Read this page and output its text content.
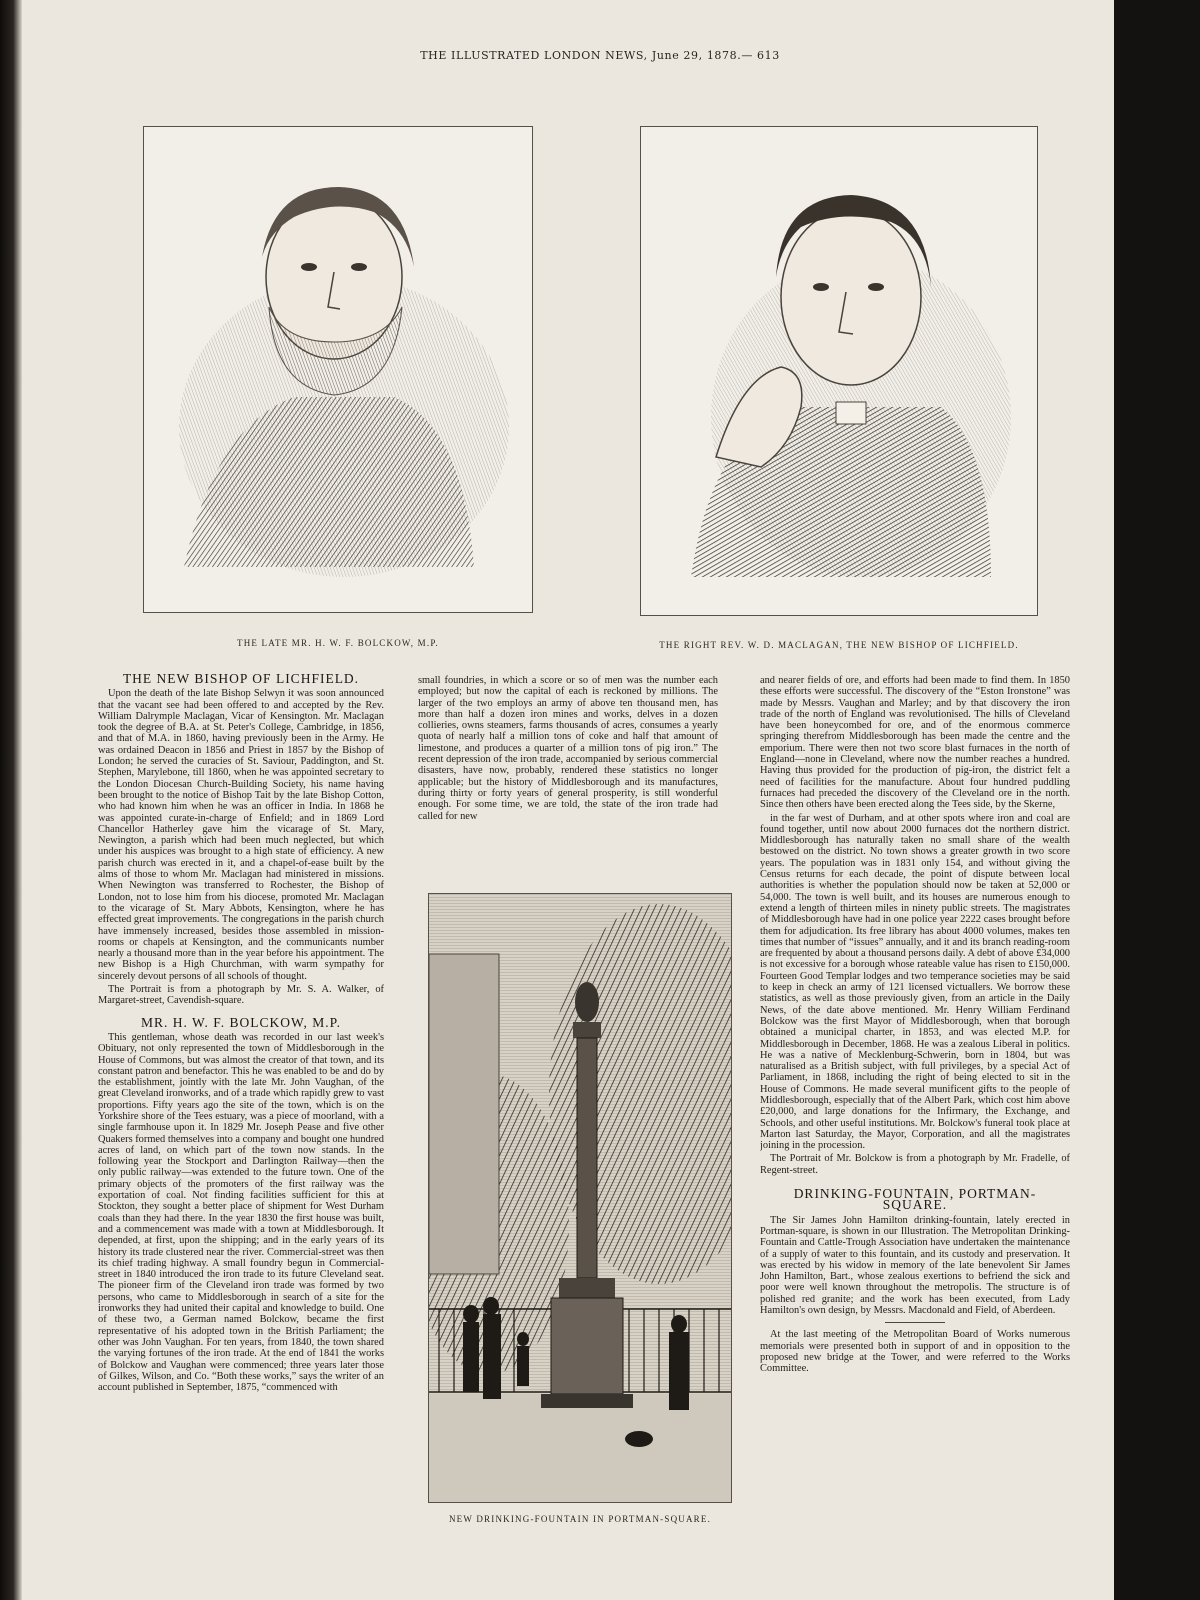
THE ILLUSTRATED LONDON NEWS, June 29, 1878.— 613
THE LATE MR. H. W. F. BOLCKOW, M.P.	THE RIGHT REV. W. D. MACLAGAN, THE NEW BISHOP OF LICHFIELD.
THE NEW BISHOP OF LICHFIELD.

Upon the death of the late Bishop Selwyn it was soon announced that the vacant see had been offered to and accepted by the Rev. William Dalrymple Maclagan, Vicar of Kensington. Mr. Maclagan took the degree of B.A. at St. Peter's College, Cambridge, in 1856, and that of M.A. in 1860, having previously been in the Army. He was ordained Deacon in 1856 and Priest in 1857 by the Bishop of London; he served the curacies of St. Saviour, Paddington, and St. Stephen, Marylebone, till 1860, when he was appointed secretary to the London Diocesan Church-Building Society, his name having been brought to the notice of Bishop Tait by the late Bishop Cotton, who had known him when he was an officer in India. In 1868 he was appointed curate-in-charge of Enfield; and in 1869 Lord Chancellor Hatherley gave him the vicarage of St. Mary, Newington, a parish which had been much neglected, but which under his auspices was brought to a high state of efficiency. A new parish church was erected in it, and a chapel-of-ease built by the alms of those to whom Mr. Maclagan had ministered in missions. When Newington was transferred to Rochester, the Bishop of London, not to lose him from his diocese, promoted Mr. Maclagan to the vicarage of St. Mary Abbots, Kensington, where he has effected great improvements. The congregations in the parish church have immensely increased, besides those assembled in mission-rooms or chapels at Kensington, and the communicants number nearly a thousand more than in the year before his appointment. The new Bishop is a High Churchman, with warm sympathy for sincerely devout persons of all schools of thought.

The Portrait is from a photograph by Mr. S. A. Walker, of Margaret-street, Cavendish-square.

MR. H. W. F. BOLCKOW, M.P.

This gentleman, whose death was recorded in our last week's Obituary, not only represented the town of Middlesborough in the House of Commons, but was almost the creator of that town, and its constant patron and benefactor. This he was enabled to be and do by the establishment, jointly with the late Mr. John Vaughan, of the great Cleveland ironworks, and of a trade which rapidly grew to vast proportions. Fifty years ago the site of the town, which is on the Yorkshire shore of the Tees estuary, was a piece of moorland, with a single farmhouse upon it. In 1829 Mr. Joseph Pease and five other Quakers formed themselves into a company and bought one hundred acres of land, on which part of the town now stands. In the following year the Stockport and Darlington Railway—then the only public railway—was extended to the future town. One of the primary objects of the promoters of the first railway was the exportation of coal. Not finding facilities sufficient for this at Stockton, they sought a better place of shipment for West Durham coals than they had there. In the year 1830 the first house was built, and a commencement was made with a town at Middlesborough. It depended, at first, upon the shipping; and in the early years of its history its trade clustered near the river. Commercial-street was then its chief trading highway. A small foundry begun in Commercial-street in 1840 introduced the iron trade to its future Cleveland seat. The pioneer firm of the Cleveland iron trade was formed by two persons, who came to Middlesborough in search of a site for the ironworks they had united their capital and knowledge to build. One of these two, a German named Bolckow, became the first representative of his adopted town in the British Parliament; the other was John Vaughan. For ten years, from 1840, the town shared the varying fortunes of the iron trade. At the end of 1841 the works of Bolckow and Vaughan were commenced; three years later those of Gilkes, Wilson, and Co. “Both these works,” says the writer of an account published in September, 1875, “commenced with

small foundries, in which a score or so of men was the number each employed; but now the capital of each is reckoned by millions. The larger of the two employs an army of above ten thousand men, has more than half a dozen iron mines and works, delves in a dozen collieries, owns steamers, farms thousands of acres, consumes a yearly quota of nearly half a million tons of coke and half that amount of limestone, and produces a quarter of a million tons of pig iron.” The recent depression of the iron trade, accompanied by serious commercial disasters, have now, probably, rendered these statistics no longer applicable; but the history of Middlesborough and its manufactures, during thirty or forty years of general prosperity, is still wonderful enough. For some time, we are told, the state of the iron trade had called for new

NEW DRINKING-FOUNTAIN IN PORTMAN-SQUARE.

and nearer fields of ore, and efforts had been made to find them. In 1850 these efforts were successful. The discovery of the “Eston Ironstone” was made by Messrs. Vaughan and Marley; and by that discovery the iron trade of the north of England was revolutionised. The hills of Cleveland have been honeycombed for ore, and of the enormous commerce springing therefrom Middlesborough has been made the centre and the emporium. There were then not two score blast furnaces in the north of England—none in Cleveland, where now the number reaches a hundred. Having thus provided for the production of pig-iron, the district felt a need of facilities for the manufacture. About four hundred puddling furnaces had preceded the discovery of the Cleveland ore in the north. Since then others have been erected along the Tees side, by the Skerne,

in the far west of Durham, and at other spots where iron and coal are found together, until now about 2000 furnaces dot the northern district. Middlesborough has naturally taken no small share of the wealth bestowed on the district. No town shows a greater growth in two score years. The population was in 1831 only 154, and without giving the Census returns for each decade, the point of dispute between local authorities is whether the population should now be taken at 52,000 or 54,000. The town is well built, and its houses are numerous enough to extend a length of thirteen miles in ninety public streets. The magistrates of Middlesborough have had in one police year 2222 cases brought before them for adjudication. Its free library has about 4000 volumes, makes ten times that number of “issues” annually, and it and its branch reading-room are frequented by about a thousand persons daily. A debt of above £34,000 is not excessive for a borough whose rateable value has risen to £150,000. Fourteen Good Templar lodges and two temperance societies may be said to keep in check an army of 121 licensed victuallers. We borrow these statistics, as well as those previously given, from an article in the Daily News, of the date above mentioned. Mr. Henry William Ferdinand Bolckow was the first Mayor of Middlesborough, when that borough obtained a municipal charter, in 1853, and was elected M.P. for Middlesborough in December, 1868. He was a zealous Liberal in politics. He was a native of Mecklenburg-Schwerin, born in 1804, but was naturalised as a British subject, with full privileges, by a special Act of Parliament, in 1868, including the right of being elected to sit in the House of Commons. He made several munificent gifts to the people of Middlesborough, especially that of the Albert Park, which cost him above £20,000, and large donations for the Infirmary, the Exchange, and Schools, and other useful institutions. Mr. Bolckow's funeral took place at Marton last Saturday, the Mayor, Corporation, and all the magistrates joining in the procession.

The Portrait of Mr. Bolckow is from a photograph by Mr. Fradelle, of Regent-street.

DRINKING-FOUNTAIN, PORTMAN-
SQUARE.

The Sir James John Hamilton drinking-fountain, lately erected in Portman-square, is shown in our Illustration. The Metropolitan Drinking-Fountain and Cattle-Trough Association have undertaken the maintenance of a supply of water to this fountain, and its custody and preservation. It was erected by his widow in memory of the late benevolent Sir James John Hamilton, Bart., whose zealous exertions to befriend the sick and poor were well known throughout the metropolis. The structure is of polished red granite; and the work has been executed, from Lady Hamilton's own design, by Messrs. Macdonald and Field, of Aberdeen.

At the last meeting of the Metropolitan Board of Works numerous memorials were presented both in support of and in opposition to the proposed new bridge at the Tower, and were referred to the Works Committee.
